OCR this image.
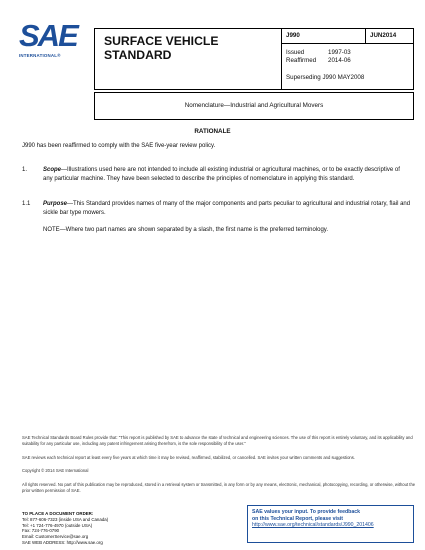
SAE
INTERNATIONAL®
SURFACE VEHICLE
STANDARD
J990	JUN2014
Issued	1997-03
Reaffirmed 2014-06
Superseding J990 MAY2008
Nomenclature—Industrial and Agricultural Movers
RATIONALE
J990 has been reaffirmed to comply with the SAE five-year review policy.
1.	Scope—Illustrations used here are not intended to include all existing industrial or agricultural machines, or to be exactly descriptive of any particular machine. They have been selected to describe the principles of nomenclature in applying this standard.
1.1 Purpose—This Standard provides names of many of the major components and parts peculiar to agricultural and industrial rotary, flail and sickle bar type mowers.
NOTE—Where two part names are shown separated by a slash, the first name is the preferred terminology.
SAE Technical Standards Board Rules provide that: "This report is published by SAE to advance the state of technical and engineering sciences. The use of this report is entirely voluntary, and its applicability and suitability for any particular use, including any patent infringement arising therefrom, is the sole responsibility of the user."
SAE reviews each technical report at least every five years at which time it may be revised, reaffirmed, stabilized, or cancelled. SAE invites your written comments and suggestions.
Copyright © 2014 SAE International
All rights reserved. No part of this publication may be reproduced, stored in a retrieval system or transmitted, in any form or by any means, electronic, mechanical, photocopying, recording, or otherwise, without the prior written permission of SAE.
TO PLACE A DOCUMENT ORDER:
Tel: 877-606-7323 (inside USA and Canada)
Tel: +1 724-776-4970 (outside USA)
Fax: 724-776-0790
Email: CustomerService@sae.org
SAE WEB ADDRESS: http://www.sae.org
SAE values your input. To provide feedback
on this Technical Report, please visit
http://www.sae.org/technical/standards/J990_201406
